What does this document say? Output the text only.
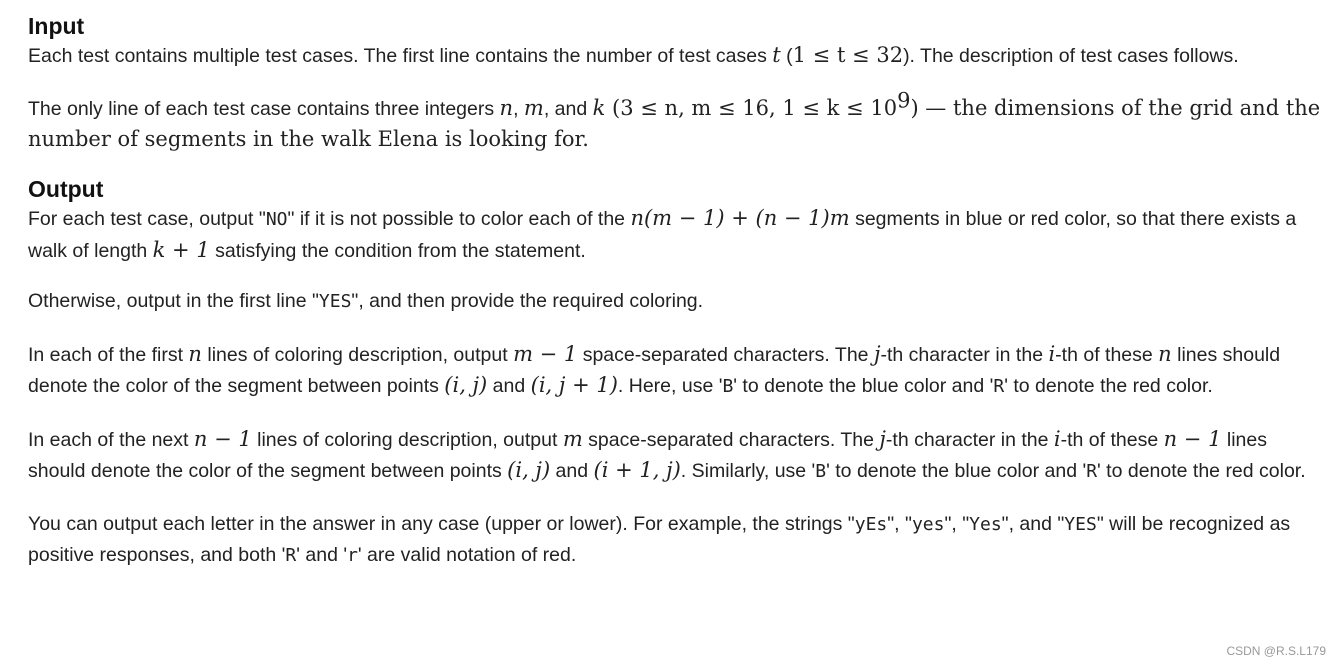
Input

Each test contains multiple test cases. The first line contains the number of test cases t (1 ≤ t ≤ 32). The description of test cases follows.

The only line of each test case contains three integers n, m, and k (3 ≤ n, m ≤ 16, $1 \le k \le 10^9$) — the dimensions of the grid and the number of segments in the walk Elena is looking for.

Output

For each test case, output "NO" if it is not possible to color each of the n(m − 1) + (n − 1)m segments in blue or red color, so that there exists a walk of length k + 1 satisfying the condition from the statement.

Otherwise, output in the first line "YES", and then provide the required coloring.

In each of the first n lines of coloring description, output m − 1 space-separated characters. The j-th character in the i-th of these n lines should denote the color of the segment between points (i, j) and (i, j + 1). Here, use 'B' to denote the blue color and 'R' to denote the red color.

In each of the next n − 1 lines of coloring description, output m space-separated characters. The j-th character in the i-th of these n − 1 lines should denote the color of the segment between points (i, j) and (i + 1, j). Similarly, use 'B' to denote the blue color and 'R' to denote the red color.

You can output each letter in the answer in any case (upper or lower). For example, the strings "yEs", "yes", "Yes", and "YES" will be recognized as positive responses, and both 'R' and 'r' are valid notation of red.

CSDN @R.S.L179
